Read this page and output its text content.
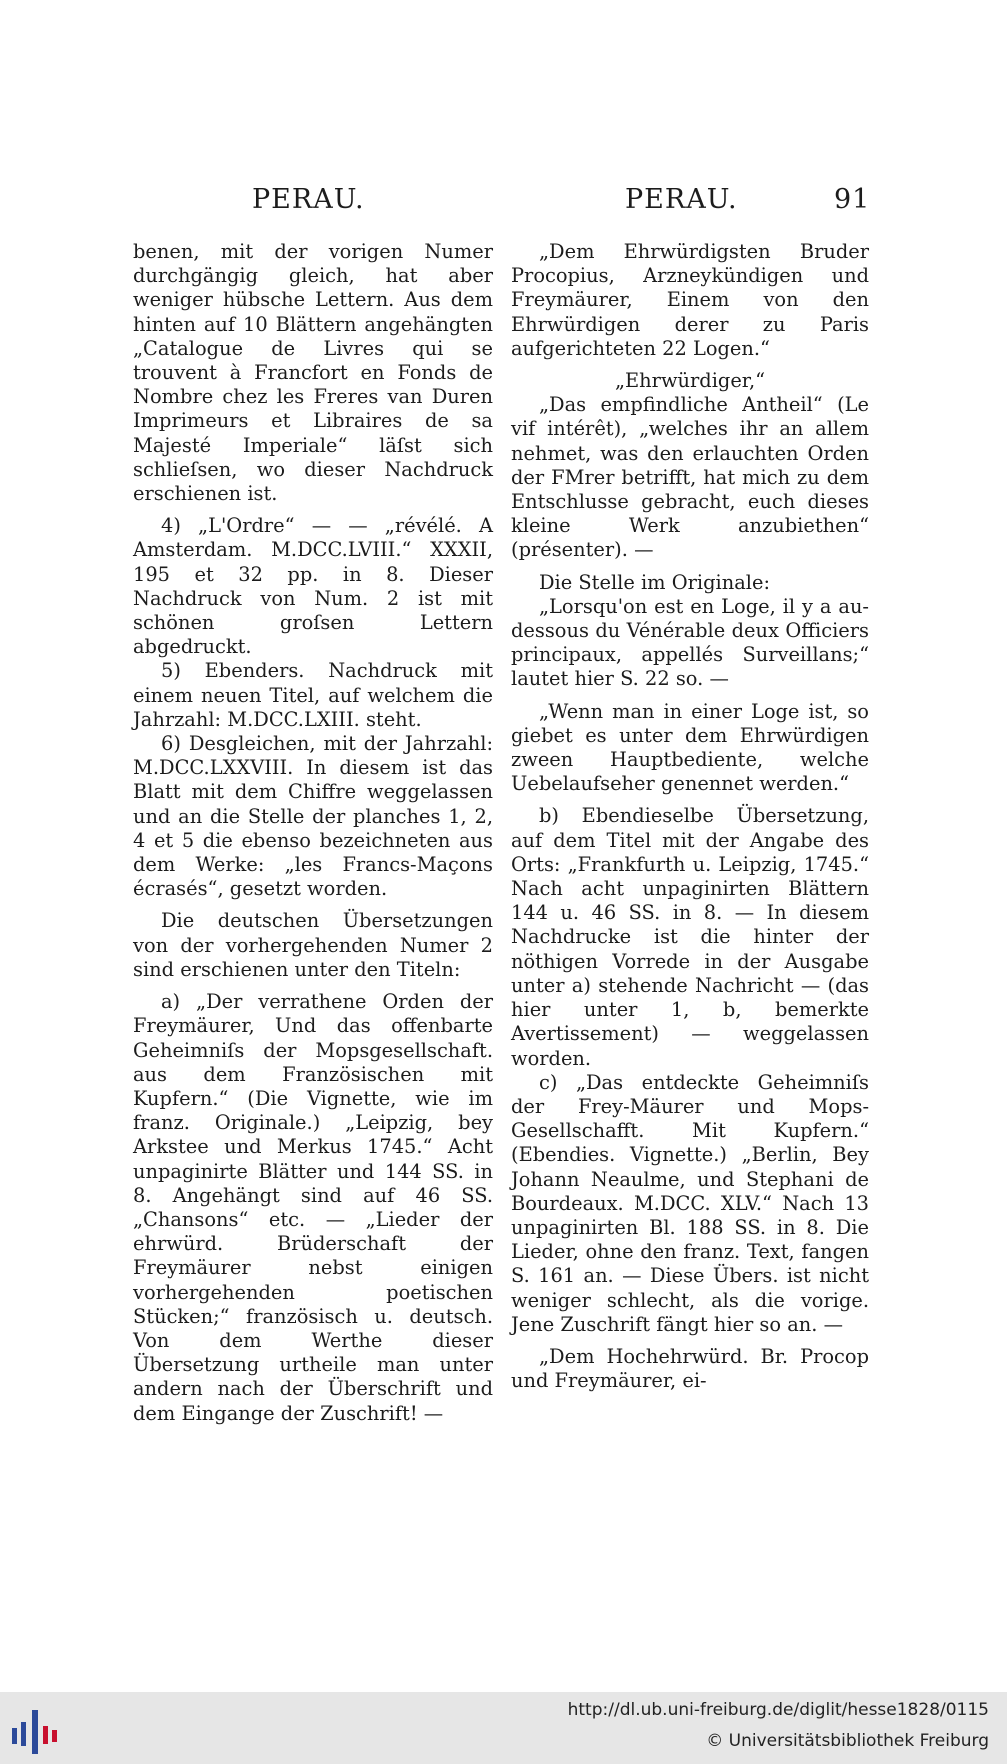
PERAU.	PERAU.	91

benen, mit der vorigen Numer durchgängig gleich, hat aber weniger hübsche Lettern. Aus dem hinten auf 10 Blättern angehängten „Catalogue de Livres qui se trouvent à Francfort en Fonds de Nombre chez les Freres van Duren Imprimeurs et Libraires de sa Majesté Imperiale“ läſst sich schlieſsen, wo dieser Nachdruck erschienen ist.

4) „L'Ordre“ — — „révélé. A Amsterdam. M.DCC.LVIII.“ XXXII, 195 et 32 pp. in 8. Dieser Nachdruck von Num. 2 ist mit schönen groſsen Lettern abgedruckt.

5) Ebenders. Nachdruck mit einem neuen Titel, auf welchem die Jahrzahl: M.DCC.LXIII. steht.

6) Desgleichen, mit der Jahrzahl: M.DCC.LXXVIII. In diesem ist das Blatt mit dem Chiffre weggelassen und an die Stelle der planches 1, 2, 4 et 5 die ebenso bezeichneten aus dem Werke: „les Francs-Maçons écrasés“, gesetzt worden.

Die deutschen Übersetzungen von der vorhergehenden Numer 2 sind erschienen unter den Titeln:

a) „Der verrathene Orden der Freymäurer, Und das offenbarte Geheimniſs der Mopsgesellschaft. aus dem Französischen mit Kupfern.“ (Die Vignette, wie im franz. Originale.) „Leipzig, bey Arkstee und Merkus 1745.“ Acht unpaginirte Blätter und 144 SS. in 8. Angehängt sind auf 46 SS. „Chansons“ etc. — „Lieder der ehrwürd. Brüderschaft der Freymäurer nebst einigen vorhergehenden poetischen Stücken;“ französisch u. deutsch. Von dem Werthe dieser Übersetzung urtheile man unter andern nach der Überschrift und dem Eingange der Zuschrift! —

„Dem Ehrwürdigsten Bruder Procopius, Arzneykündigen und Freymäurer, Einem von den Ehrwürdigen derer zu Paris aufgerichteten 22 Logen.“

„Ehrwürdiger,“

„Das empfindliche Antheil“ (Le vif intérêt), „welches ihr an allem nehmet, was den erlauchten Orden der FMrer betrifft, hat mich zu dem Entschlusse gebracht, euch dieses kleine Werk anzubiethen“ (présenter). —

Die Stelle im Originale:

„Lorsqu'on est en Loge, il y a au-dessous du Vénérable deux Officiers principaux, appellés Surveillans;“ lautet hier S. 22 so. —

„Wenn man in einer Loge ist, so giebet es unter dem Ehrwürdigen zween Hauptbediente, welche Uebelaufseher genennet werden.“

b) Ebendieselbe Übersetzung, auf dem Titel mit der Angabe des Orts: „Frankfurth u. Leipzig, 1745.“ Nach acht unpaginirten Blättern 144 u. 46 SS. in 8. — In diesem Nachdrucke ist die hinter der nöthigen Vorrede in der Ausgabe unter a) stehende Nachricht — (das hier unter 1, b, bemerkte Avertissement) — weggelassen worden.

c) „Das entdeckte Geheimniſs der Frey-Mäurer und Mops-Gesellschafft. Mit Kupfern.“ (Ebendies. Vignette.) „Berlin, Bey Johann Neaulme, und Stephani de Bourdeaux. M.DCC. XLV.“ Nach 13 unpaginirten Bl. 188 SS. in 8. Die Lieder, ohne den franz. Text, fangen S. 161 an. — Diese Übers. ist nicht weniger schlecht, als die vorige. Jene Zuschrift fängt hier so an. —

„Dem Hochehrwürd. Br. Procop und Freymäurer, ei-

http://dl.ub.uni-freiburg.de/diglit/hesse1828/0115
© Universitätsbibliothek Freiburg
